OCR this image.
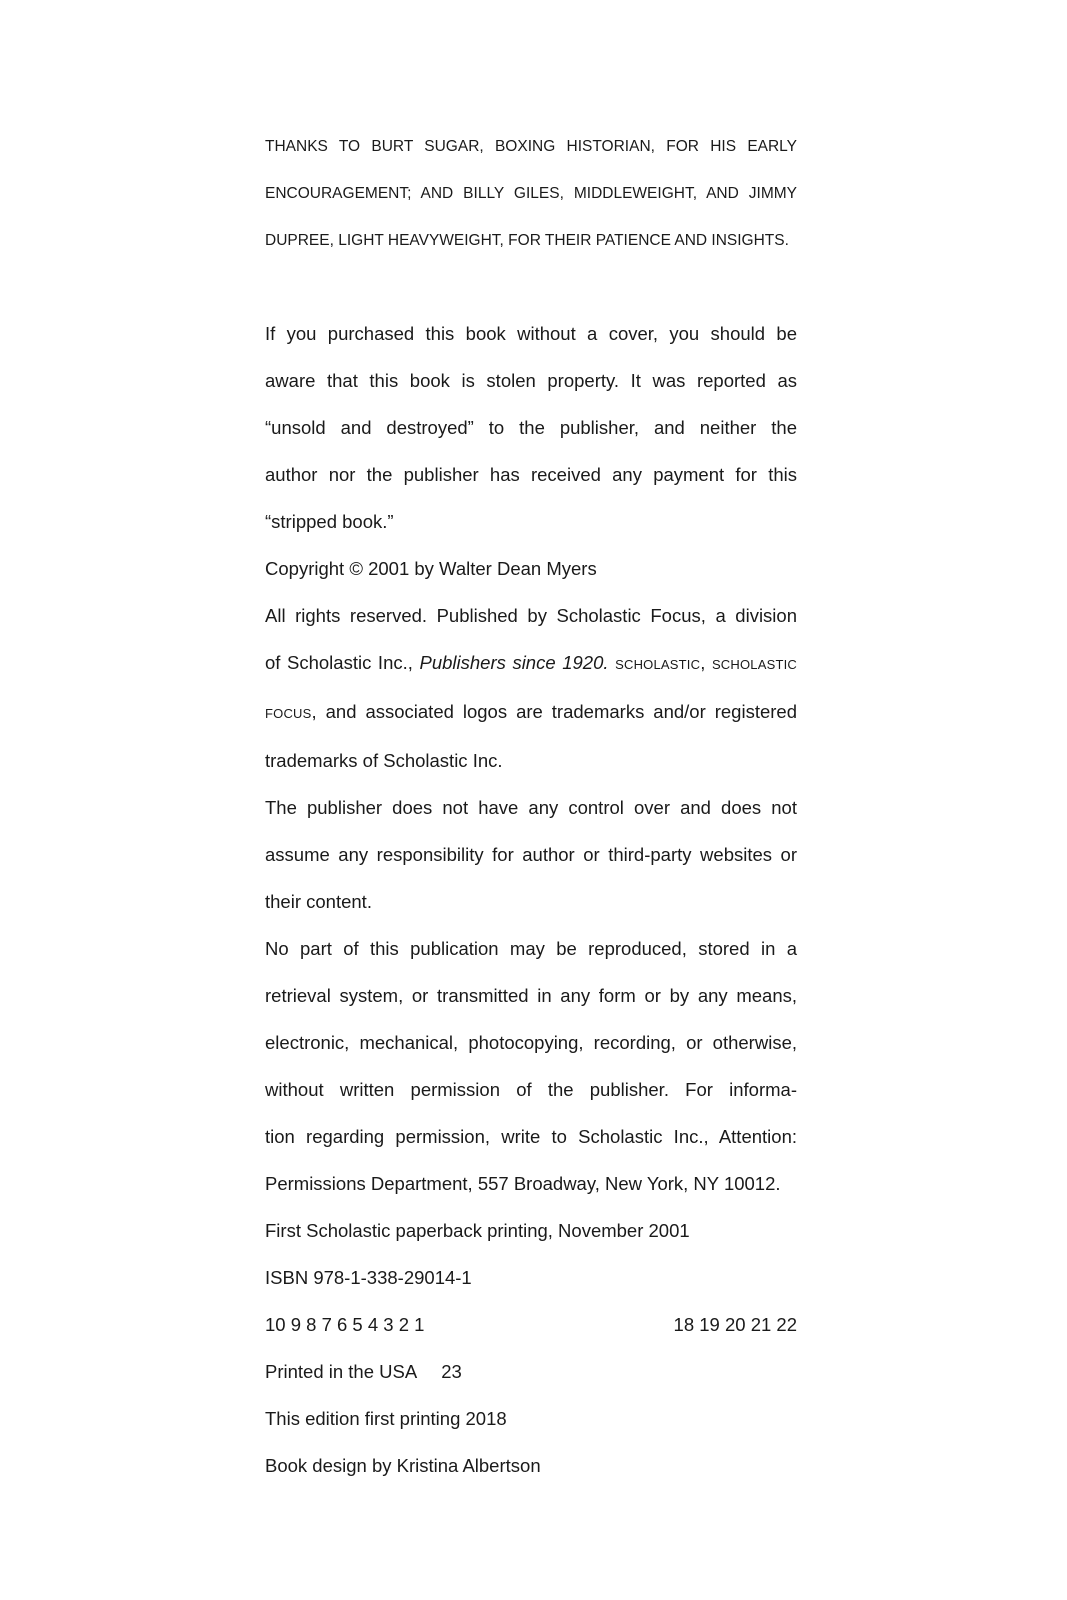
THANKS TO BURT SUGAR, BOXING HISTORIAN, FOR HIS EARLY
ENCOURAGEMENT; AND BILLY GILES, MIDDLEWEIGHT, AND JIMMY
DUPREE, LIGHT HEAVYWEIGHT, FOR THEIR PATIENCE AND INSIGHTS.
If you purchased this book without a cover, you should be
aware that this book is stolen property. It was reported as
“unsold and destroyed” to the publisher, and neither the
author nor the publisher has received any payment for this
“stripped book.”
Copyright © 2001 by Walter Dean Myers
All rights reserved. Published by Scholastic Focus, a division
of Scholastic Inc., Publishers since 1920. SCHOLASTIC, SCHOLASTIC
FOCUS, and associated logos are trademarks and/or registered
trademarks of Scholastic Inc.
The publisher does not have any control over and does not
assume any responsibility for author or third-party websites or
their content.
No part of this publication may be reproduced, stored in a
retrieval system, or transmitted in any form or by any means,
electronic, mechanical, photocopying, recording, or otherwise,
without written permission of the publisher. For informa-
tion regarding permission, write to Scholastic Inc., Attention:
Permissions Department, 557 Broadway, New York, NY 10012.
First Scholastic paperback printing, November 2001
ISBN 978-1-338-29014-1
10 9 8 7 6 5 4 3 2 1	18 19 20 21 22
Printed in the USA 23
This edition first printing 2018
Book design by Kristina Albertson
